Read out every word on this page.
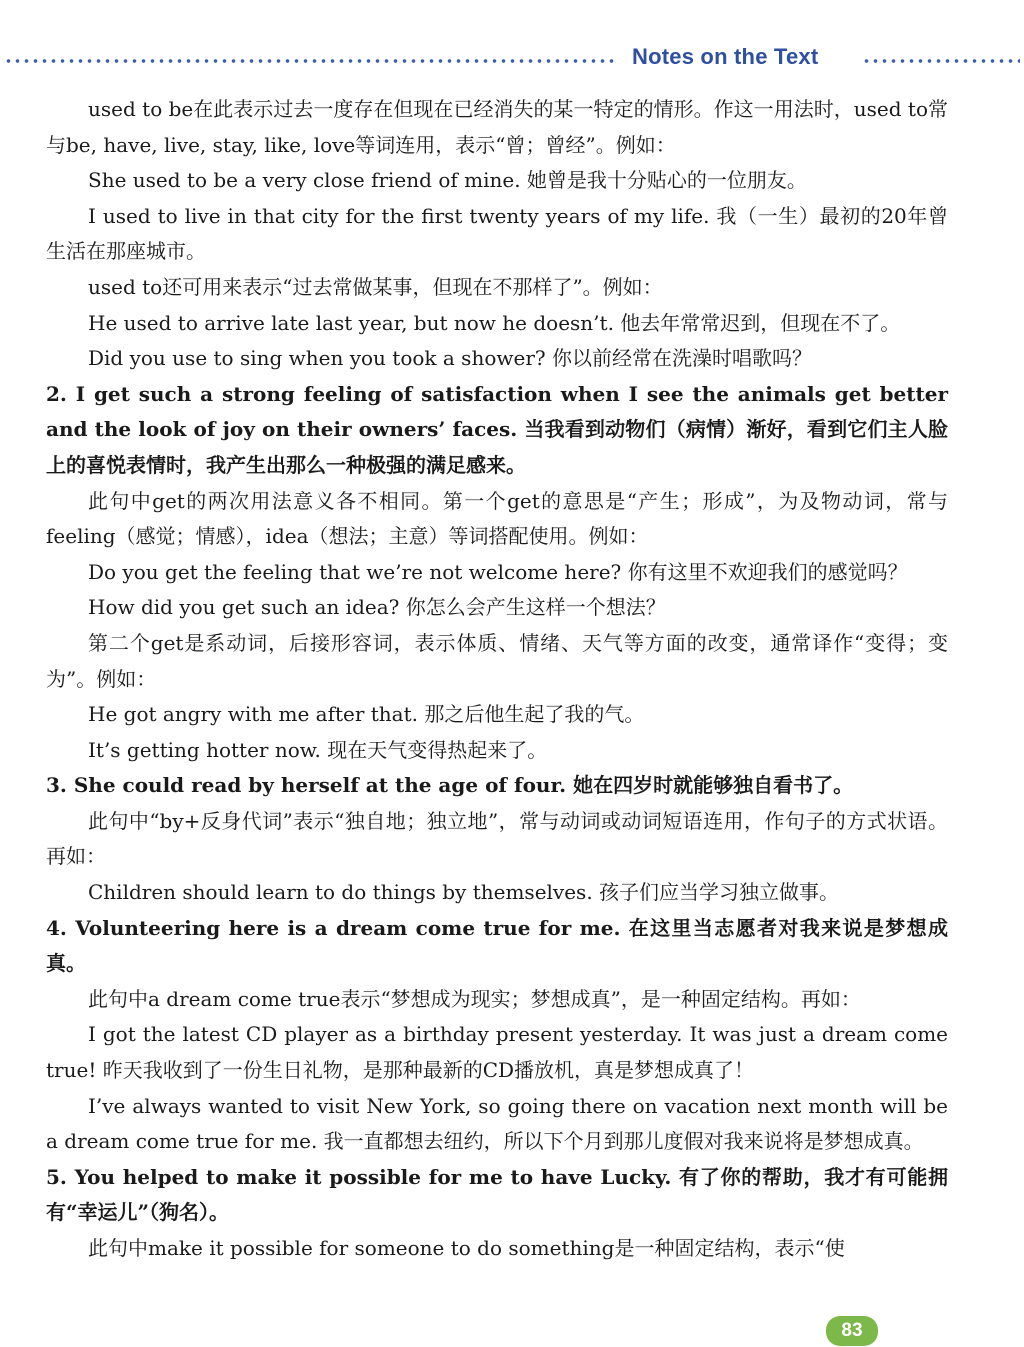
Notes on the Text

used to be在此表示过去一度存在但现在已经消失的某一特定的情形。作这一用法时，used to常与be, have, live, stay, like, love等词连用，表示“曾；曾经”。例如：

She used to be a very close friend of mine. 她曾是我十分贴心的一位朋友。

I used to live in that city for the first twenty years of my life. 我（一生）最初的20年曾生活在那座城市。

used to还可用来表示“过去常做某事，但现在不那样了”。例如：

He used to arrive late last year, but now he doesn’t. 他去年常常迟到，但现在不了。

Did you use to sing when you took a shower? 你以前经常在洗澡时唱歌吗？

2. I get such a strong feeling of satisfaction when I see the animals get better and the look of joy on their owners’ faces. 当我看到动物们（病情）渐好，看到它们主人脸上的喜悦表情时，我产生出那么一种极强的满足感来。

此句中get的两次用法意义各不相同。第一个get的意思是“产生；形成”，为及物动词，常与feeling（感觉；情感），idea（想法；主意）等词搭配使用。例如：

Do you get the feeling that we’re not welcome here? 你有这里不欢迎我们的感觉吗？

How did you get such an idea? 你怎么会产生这样一个想法？

第二个get是系动词，后接形容词，表示体质、情绪、天气等方面的改变，通常译作“变得；变为”。例如：

He got angry with me after that. 那之后他生起了我的气。

It’s getting hotter now. 现在天气变得热起来了。

3. She could read by herself at the age of four. 她在四岁时就能够独自看书了。

此句中“by+反身代词”表示“独自地；独立地”，常与动词或动词短语连用，作句子的方式状语。再如：

Children should learn to do things by themselves. 孩子们应当学习独立做事。

4. Volunteering here is a dream come true for me. 在这里当志愿者对我来说是梦想成真。

此句中a dream come true表示“梦想成为现实；梦想成真”，是一种固定结构。再如：

I got the latest CD player as a birthday present yesterday. It was just a dream come true! 昨天我收到了一份生日礼物，是那种最新的CD播放机，真是梦想成真了！

I’ve always wanted to visit New York, so going there on vacation next month will be a dream come true for me. 我一直都想去纽约，所以下个月到那儿度假对我来说将是梦想成真。

5. You helped to make it possible for me to have Lucky. 有了你的帮助，我才有可能拥有“幸运儿”（狗名）。

此句中make it possible for someone to do something是一种固定结构，表示“使

83
